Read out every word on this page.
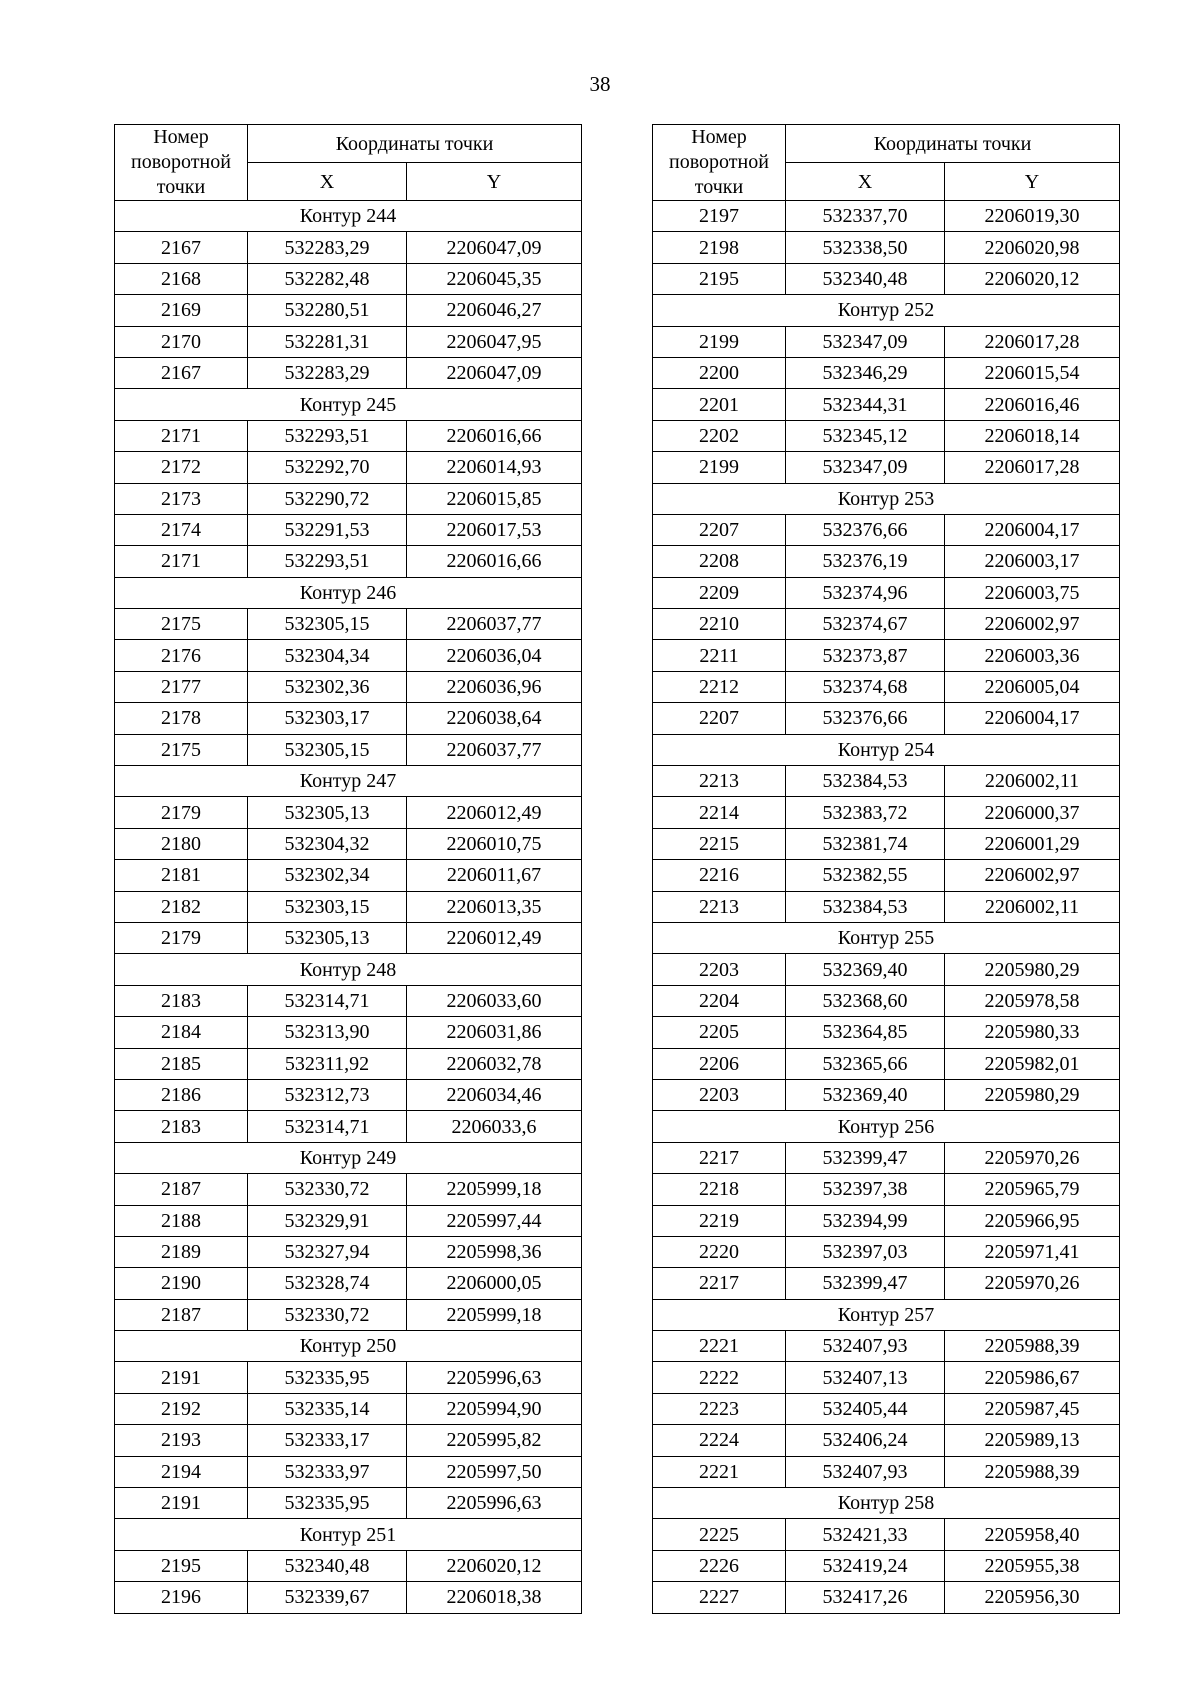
38
Номер
поворотной
точки	Координаты точки	
	X	Y
Контур 244		
2167	532283,29	2206047,09
2168	532282,48	2206045,35
2169	532280,51	2206046,27
2170	532281,31	2206047,95
2167	532283,29	2206047,09
Контур 245		
2171	532293,51	2206016,66
2172	532292,70	2206014,93
2173	532290,72	2206015,85
2174	532291,53	2206017,53
2171	532293,51	2206016,66
Контур 246		
2175	532305,15	2206037,77
2176	532304,34	2206036,04
2177	532302,36	2206036,96
2178	532303,17	2206038,64
2175	532305,15	2206037,77
Контур 247		
2179	532305,13	2206012,49
2180	532304,32	2206010,75
2181	532302,34	2206011,67
2182	532303,15	2206013,35
2179	532305,13	2206012,49
Контур 248		
2183	532314,71	2206033,60
2184	532313,90	2206031,86
2185	532311,92	2206032,78
2186	532312,73	2206034,46
2183	532314,71	2206033,6
Контур 249		
2187	532330,72	2205999,18
2188	532329,91	2205997,44
2189	532327,94	2205998,36
2190	532328,74	2206000,05
2187	532330,72	2205999,18
Контур 250		
2191	532335,95	2205996,63
2192	532335,14	2205994,90
2193	532333,17	2205995,82
2194	532333,97	2205997,50
2191	532335,95	2205996,63
Контур 251		
2195	532340,48	2206020,12
2196	532339,67	2206018,38
Номер
поворотной
точки	Координаты точки	
	X	Y
2197	532337,70	2206019,30
2198	532338,50	2206020,98
2195	532340,48	2206020,12
Контур 252		
2199	532347,09	2206017,28
2200	532346,29	2206015,54
2201	532344,31	2206016,46
2202	532345,12	2206018,14
2199	532347,09	2206017,28
Контур 253		
2207	532376,66	2206004,17
2208	532376,19	2206003,17
2209	532374,96	2206003,75
2210	532374,67	2206002,97
2211	532373,87	2206003,36
2212	532374,68	2206005,04
2207	532376,66	2206004,17
Контур 254		
2213	532384,53	2206002,11
2214	532383,72	2206000,37
2215	532381,74	2206001,29
2216	532382,55	2206002,97
2213	532384,53	2206002,11
Контур 255		
2203	532369,40	2205980,29
2204	532368,60	2205978,58
2205	532364,85	2205980,33
2206	532365,66	2205982,01
2203	532369,40	2205980,29
Контур 256		
2217	532399,47	2205970,26
2218	532397,38	2205965,79
2219	532394,99	2205966,95
2220	532397,03	2205971,41
2217	532399,47	2205970,26
Контур 257		
2221	532407,93	2205988,39
2222	532407,13	2205986,67
2223	532405,44	2205987,45
2224	532406,24	2205989,13
2221	532407,93	2205988,39
Контур 258		
2225	532421,33	2205958,40
2226	532419,24	2205955,38
2227	532417,26	2205956,30
